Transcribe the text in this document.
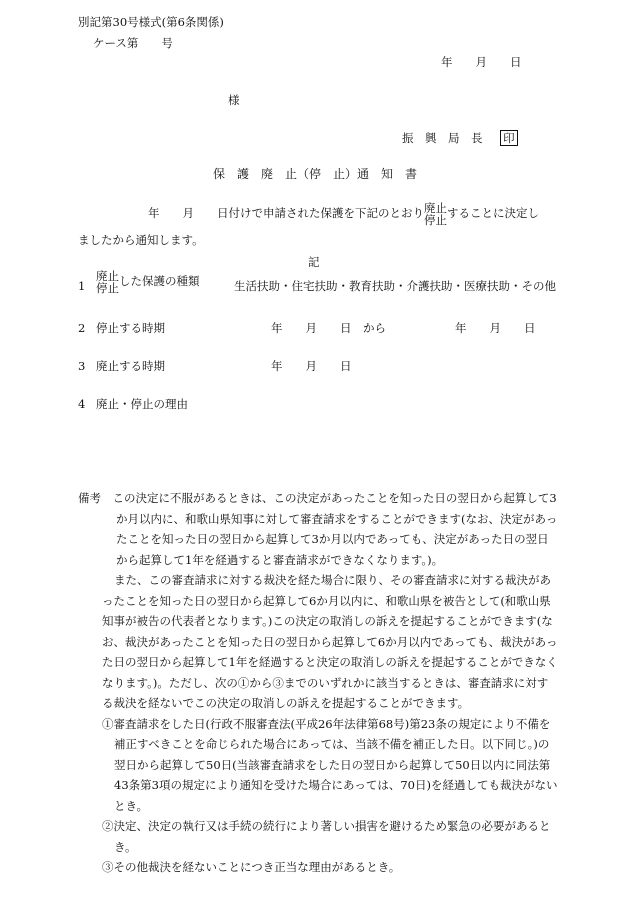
別記第30号様式(第6条関係)
ケース第　　号
年　　月　　日
様
振　興　局　長 印
保　護　廃　止（停　止）通　知　書
年　　月　　日付けで申請された保護を下記のとおり 廃止
停止 することに決定し
ましたから通知します。
記
1
廃止
停止 した保護の種類	生活扶助・住宅扶助・教育扶助・介護扶助・医療扶助・その他
2 停止する時期	年　　月　　日　から　　　　　　年　　月　　日
3 廃止する時期	年　　月　　日
4 廃止・停止の理由

備考　 この決定に不服があるときは、この決定があったことを知った日の翌日から起算して3か月以内に、和歌山県知事に対して審査請求をすることができます(なお、決定があったことを知った日の翌日から起算して3か月以内であっても、決定があった日の翌日から起算して1年を経過すると審査請求ができなくなります。)。

また、この審査請求に対する裁決を経た場合に限り、その審査請求に対する裁決があったことを知った日の翌日から起算して6か月以内に、和歌山県を被告として(和歌山県知事が被告の代表者となります。)この決定の取消しの訴えを提起することができます(なお、裁決があったことを知った日の翌日から起算して6か月以内であっても、裁決があった日の翌日から起算して1年を経過すると決定の取消しの訴えを提起することができなくなります。)。ただし、次の①から③までのいずれかに該当するときは、審査請求に対する裁決を経ないでこの決定の取消しの訴えを提起することができます。

①審査請求をした日(行政不服審査法(平成26年法律第68号)第23条の規定により不備を補正すべきことを命じられた場合にあっては、当該不備を補正した日。以下同じ。)の翌日から起算して50日(当該審査請求をした日の翌日から起算して50日以内に同法第43条第3項の規定により通知を受けた場合にあっては、70日)を経過しても裁決がないとき。

②決定、決定の執行又は手続の続行により著しい損害を避けるため緊急の必要があるとき。

③その他裁決を経ないことにつき正当な理由があるとき。
